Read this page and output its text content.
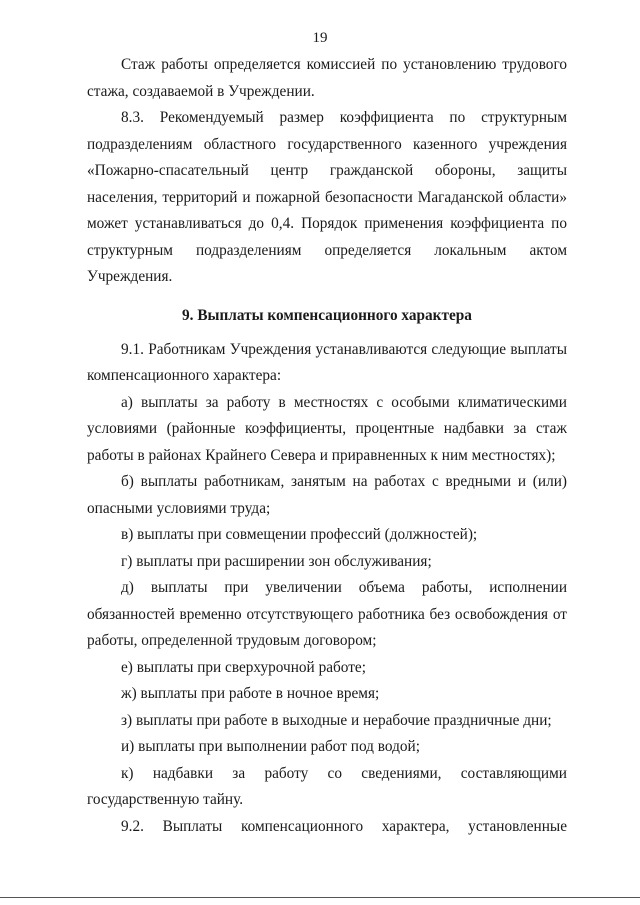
19

Стаж работы определяется комиссией по установлению трудового стажа, создаваемой в Учреждении.

8.3. Рекомендуемый размер коэффициента по структурным подразделениям областного государственного казенного учреждения «Пожарно-спасательный центр гражданской обороны, защиты населения, территорий и пожарной безопасности Магаданской области» может устанавливаться до 0,4. Порядок применения коэффициента по структурным подразделениям определяется локальным актом Учреждения.

9. Выплаты компенсационного характера

9.1. Работникам Учреждения устанавливаются следующие выплаты компенсационного характера:

а) выплаты за работу в местностях с особыми климатическими условиями (районные коэффициенты, процентные надбавки за стаж работы в районах Крайнего Севера и приравненных к ним местностях);

б) выплаты работникам, занятым на работах с вредными и (или) опасными условиями труда;

в) выплаты при совмещении профессий (должностей);

г) выплаты при расширении зон обслуживания;

д) выплаты при увеличении объема работы, исполнении обязанностей временно отсутствующего работника без освобождения от работы, определенной трудовым договором;

е) выплаты при сверхурочной работе;

ж) выплаты при работе в ночное время;

з) выплаты при работе в выходные и нерабочие праздничные дни;

и) выплаты при выполнении работ под водой;

к) надбавки за работу со сведениями, составляющими государственную тайну.

9.2. Выплаты компенсационного характера, установленные
